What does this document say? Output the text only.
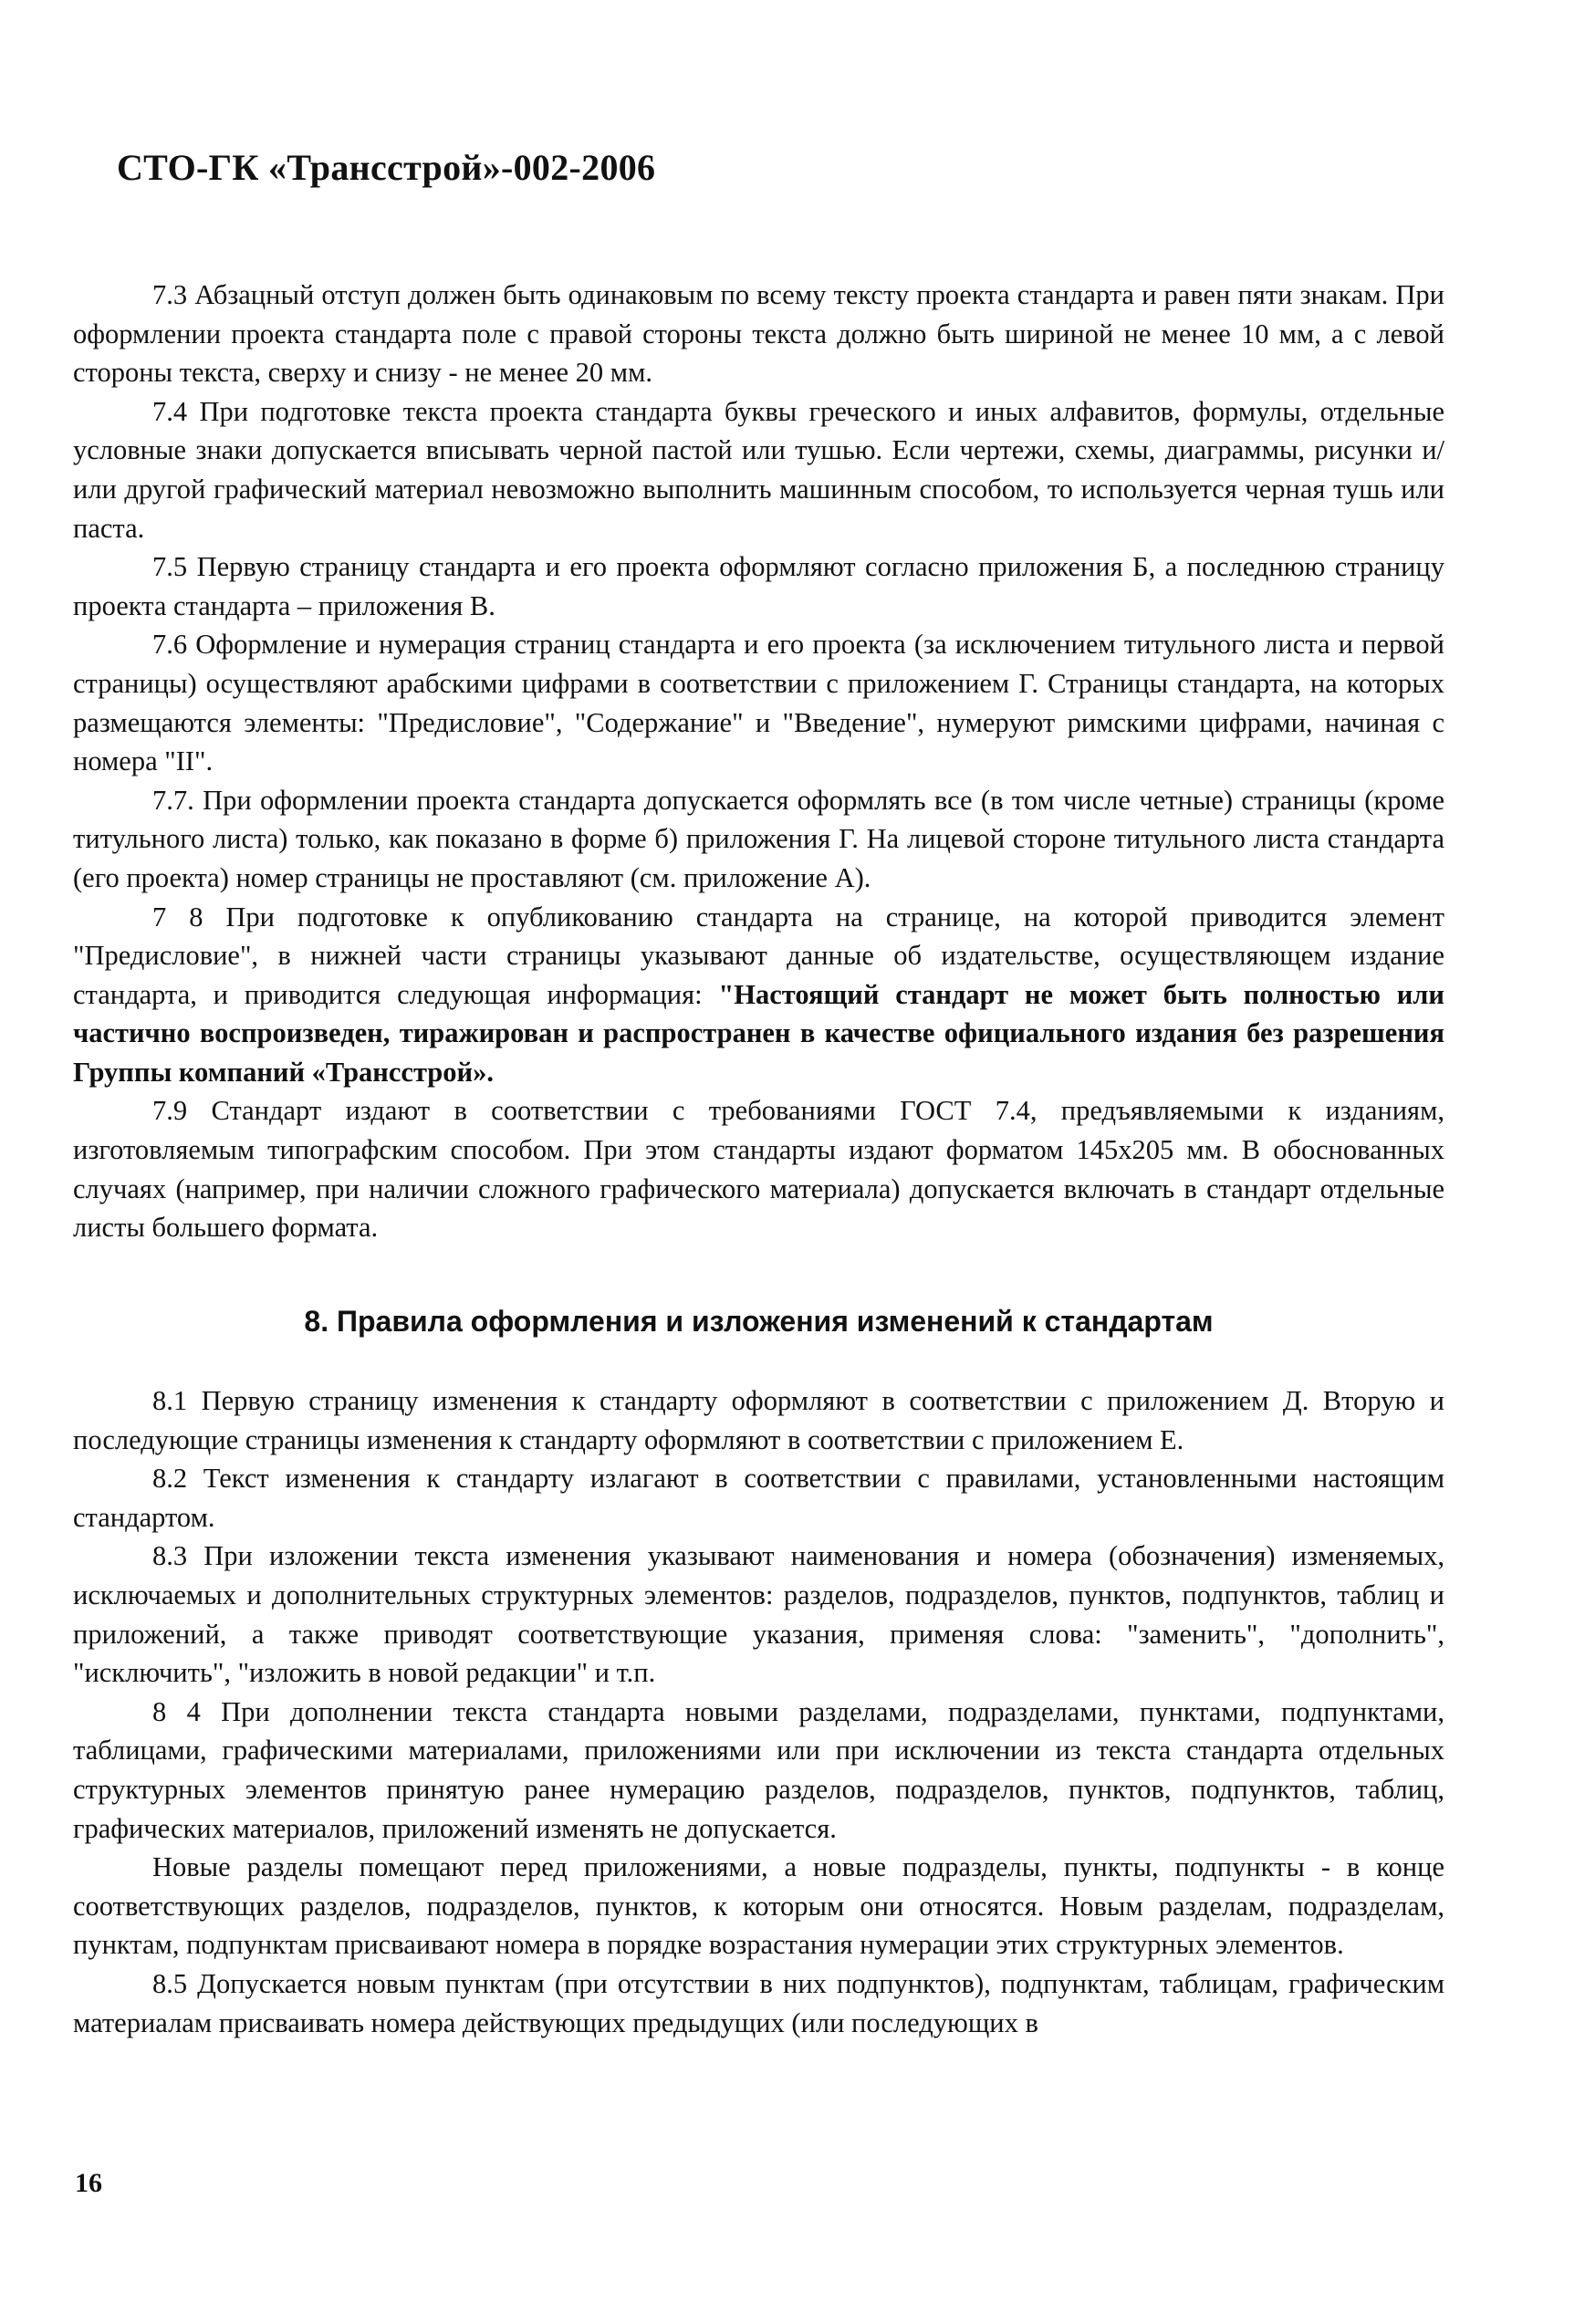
СТО-ГК «Трансстрой»-002-2006

7.3 Абзацный отступ должен быть одинаковым по всему тексту проекта стандарта и равен пяти знакам. При оформлении проекта стандарта поле с правой стороны текста должно быть шириной не менее 10 мм, а с левой стороны текста, сверху и снизу - не менее 20 мм.

7.4 При подготовке текста проекта стандарта буквы греческого и иных алфавитов, формулы, отдельные условные знаки допускается вписывать черной пастой или тушью. Если чертежи, схемы, диаграммы, рисунки и/или другой графический материал невозможно выполнить машинным способом, то используется черная тушь или паста.

7.5 Первую страницу стандарта и его проекта оформляют согласно приложения Б, а последнюю страницу проекта стандарта – приложения В.

7.6 Оформление и нумерация страниц стандарта и его проекта (за исключением титульного листа и первой страницы) осуществляют арабскими цифрами в соответствии с приложением Г. Страницы стандарта, на которых размещаются элементы: "Предисловие", "Содержание" и "Введение", нумеруют римскими цифрами, начиная с номера "II".

7.7. При оформлении проекта стандарта допускается оформлять все (в том числе четные) страницы (кроме титульного листа) только, как показано в форме б) приложения Г. На лицевой стороне титульного листа стандарта (его проекта) номер страницы не проставляют (см. приложение А).

7 8 При подготовке к опубликованию стандарта на странице, на которой приводится элемент "Предисловие", в нижней части страницы указывают данные об издательстве, осуществляющем издание стандарта, и приводится следующая информация: "Настоящий стандарт не может быть полностью или частично воспроизведен, тиражирован и распространен в качестве официального издания без разрешения Группы компаний «Трансстрой».

7.9 Стандарт издают в соответствии с требованиями ГОСТ 7.4, предъявляемыми к изданиям, изготовляемым типографским способом. При этом стандарты издают форматом 145х205 мм. В обоснованных случаях (например, при наличии сложного графического материала) допускается включать в стандарт отдельные листы большего формата.

8. Правила оформления и изложения изменений к стандартам

8.1 Первую страницу изменения к стандарту оформляют в соответствии с приложением Д. Вторую и последующие страницы изменения к стандарту оформляют в соответствии с приложением Е.

8.2 Текст изменения к стандарту излагают в соответствии с правилами, установленными настоящим стандартом.

8.3 При изложении текста изменения указывают наименования и номера (обозначения) изменяемых, исключаемых и дополнительных структурных элементов: разделов, подразделов, пунктов, подпунктов, таблиц и приложений, а также приводят соответствующие указания, применяя слова: "заменить", "дополнить", "исключить", "изложить в новой редакции" и т.п.

8 4 При дополнении текста стандарта новыми разделами, подразделами, пунктами, подпунктами, таблицами, графическими материалами, приложениями или при исключении из текста стандарта отдельных структурных элементов принятую ранее нумерацию разделов, подразделов, пунктов, подпунктов, таблиц, графических материалов, приложений изменять не допускается.

Новые разделы помещают перед приложениями, а новые подразделы, пункты, подпункты - в конце соответствующих разделов, подразделов, пунктов, к которым они относятся. Новым разделам, подразделам, пунктам, подпунктам присваивают номера в порядке возрастания нумерации этих структурных элементов.

8.5 Допускается новым пунктам (при отсутствии в них подпунктов), подпунктам, таблицам, графическим материалам присваивать номера действующих предыдущих (или последующих в

16
